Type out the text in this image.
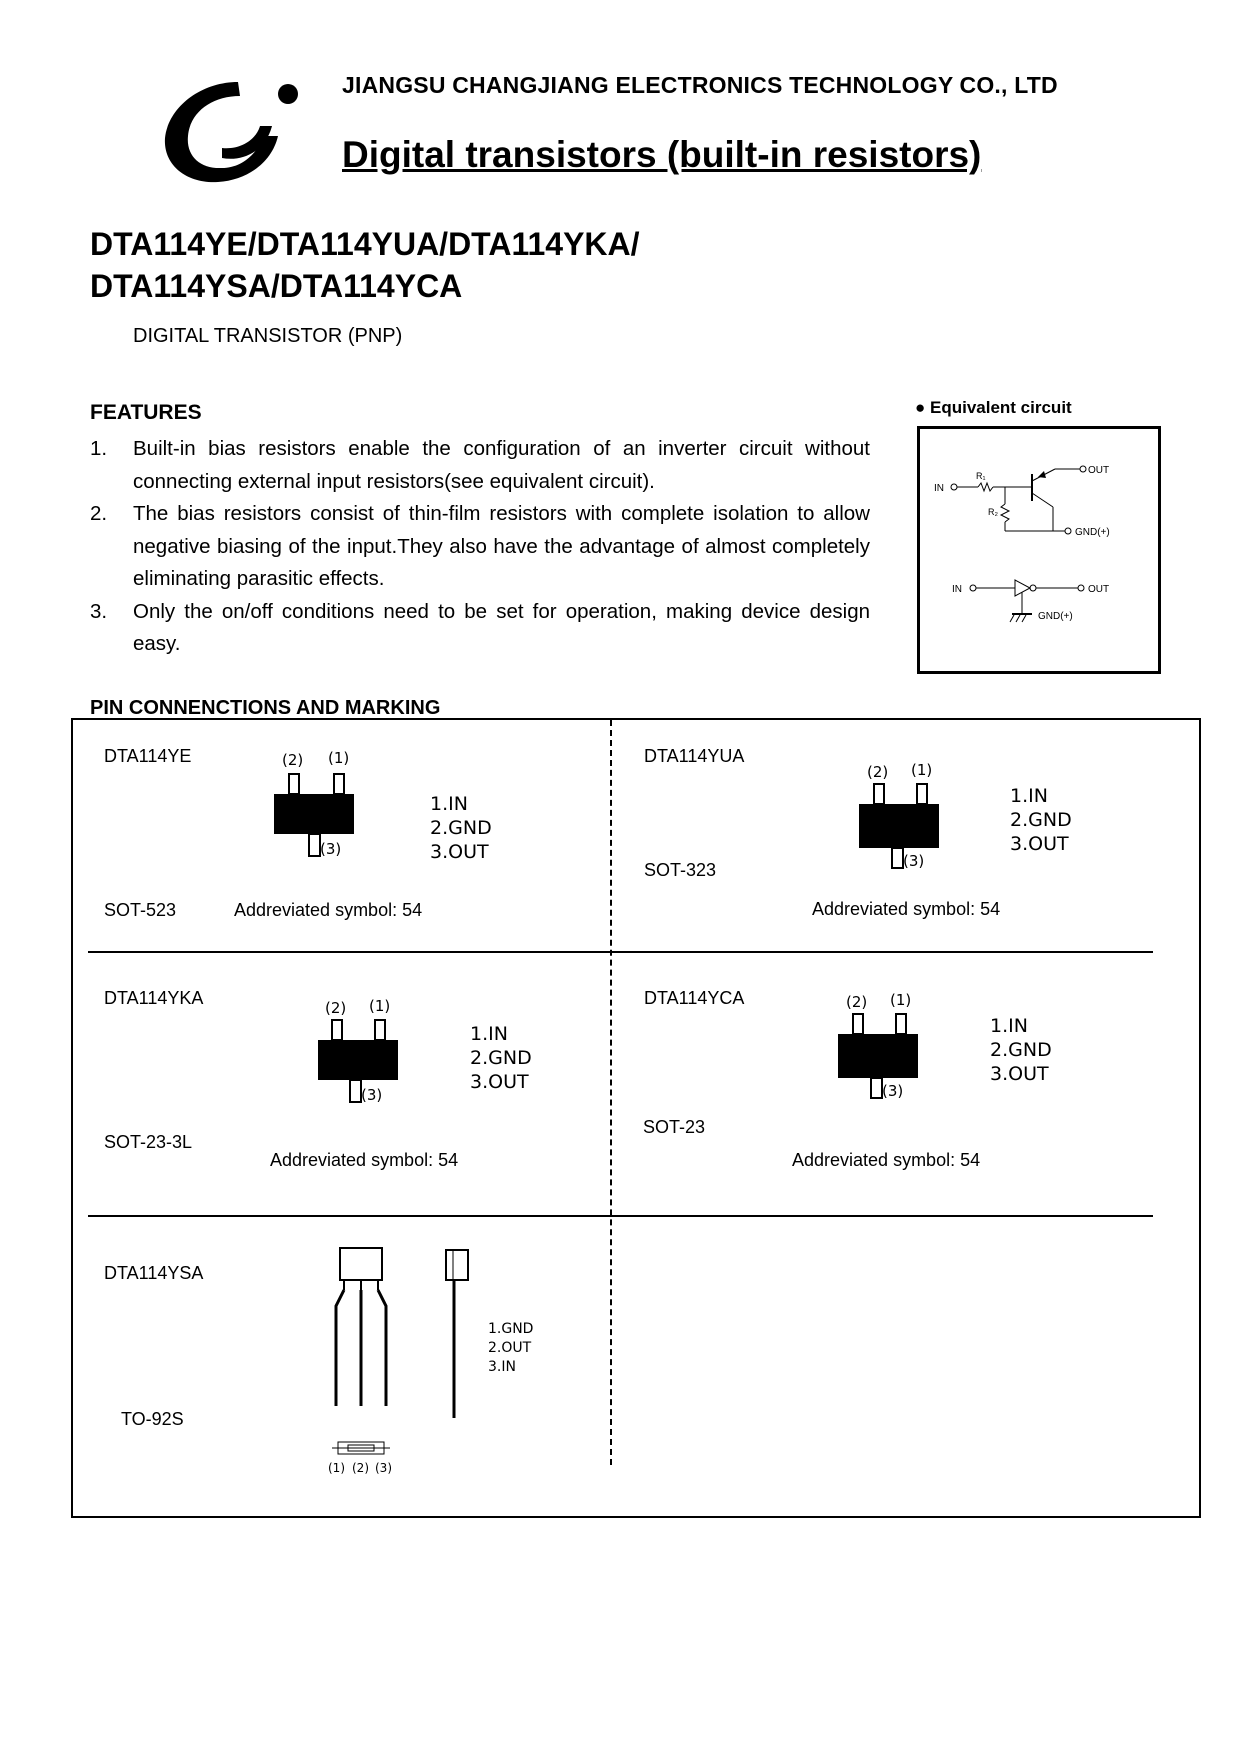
JIANGSU CHANGJIANG ELECTRONICS TECHNOLOGY CO., LTD
Digital transistors (built-in resistors)
DTA114YE/DTA114YUA/DTA114YKA/
DTA114YSA/DTA114YCA
DIGITAL TRANSISTOR (PNP)
FEATURES
1. Built-in bias resistors enable the configuration of an inverter circuit without connecting external input resistors(see equivalent circuit).
2. The bias resistors consist of thin-film resistors with complete isolation to allow negative biasing of the input.They also have the advantage of almost completely eliminating parasitic effects.
3. Only the on/off conditions need to be set for operation, making device design easy.
● Equivalent circuit
IN
R₁
R₂
OUT
GND(+)
IN	OUT
GND(+)
PIN CONNENCTIONS AND MARKING
DTA114YE
SOT-523	Addreviated symbol: 54
(2) (1)
(3)
1.IN
2.GND
3.OUT
DTA114YUA
SOT-323
Addreviated symbol: 54
(2) (1)
(3)
1.IN
2.GND
3.OUT
DTA114YKA
SOT-23-3L
Addreviated symbol: 54
(2) (1)
(3)
1.IN
2.GND
3.OUT
DTA114YCA
SOT-23
Addreviated symbol: 54
(2) (1)
(3)
1.IN
2.GND
3.OUT
DTA114YSA
TO-92S
(1) (2) (3)
1.GND
2.OUT
3.IN
